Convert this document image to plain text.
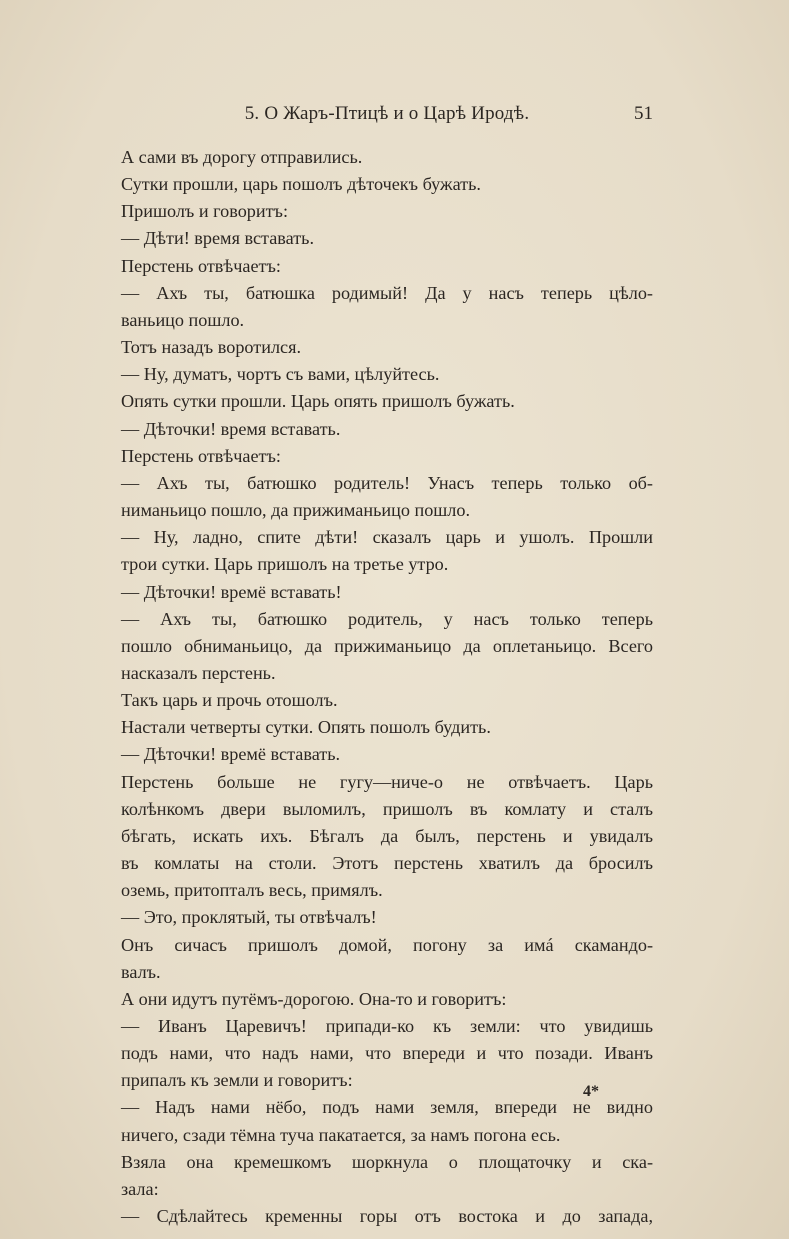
5. О Жаръ-Птицѣ и о Царѣ Иродѣ.	51
А сами въ дорогу отправились.
Сутки прошли, царь пошолъ дѣточекъ бужать.
Пришолъ и говоритъ:
— Дѣти! время вставать.
Перстень отвѣчаетъ:
— Ахъ ты, батюшка родимый! Да у насъ теперь цѣло-
ваньицо пошло.
Тотъ назадъ воротился.
— Ну, думатъ, чортъ съ вами, цѣлуйтесь.
Опять сутки прошли. Царь опять пришолъ бужать.
— Дѣточки! время вставать.
Перстень отвѣчаетъ:
— Ахъ ты, батюшко родитель! Унасъ теперь только об-
ниманьицо пошло, да прижиманьицо пошло.
— Ну, ладно, спите дѣти! сказалъ царь и ушолъ. Прошли
трои сутки. Царь пришолъ на третье утро.
— Дѣточки! времё вставать!
— Ахъ ты, батюшко родитель, у насъ только теперь
пошло обниманьицо, да прижиманьицо да оплетаньицо. Всего
насказалъ перстень.
Такъ царь и прочь отошолъ.
Настали четверты сутки. Опять пошолъ будить.
— Дѣточки! времё вставать.
Перстень больше не гугу—ниче-о не отвѣчаетъ. Царь
колѣнкомъ двери выломилъ, пришолъ въ комлату и сталъ
бѣгать, искать ихъ. Бѣгалъ да былъ, перстень и увидалъ
въ комлаты на столи. Этотъ перстень хватилъ да бросилъ
оземь, притопталъ весь, примялъ.
— Это, проклятый, ты отвѣчалъ!
Онъ сичасъ пришолъ домой, погону за имá скамандо-
валъ.
А они идутъ путёмъ-дорогою. Она-то и говоритъ:
— Иванъ Царевичъ! припади-ко къ земли: что увидишь
подъ нами, что надъ нами, что впереди и что позади. Иванъ
припалъ къ земли и говоритъ:
— Надъ нами нёбо, подъ нами земля, впереди не видно
ничего, сзади тёмна туча пакатается, за намъ погона есь.
Взяла она кремешкомъ шоркнула о площаточку и ска-
зала:
— Сдѣлайтесь кременны горы отъ востока и до запада,
4*
